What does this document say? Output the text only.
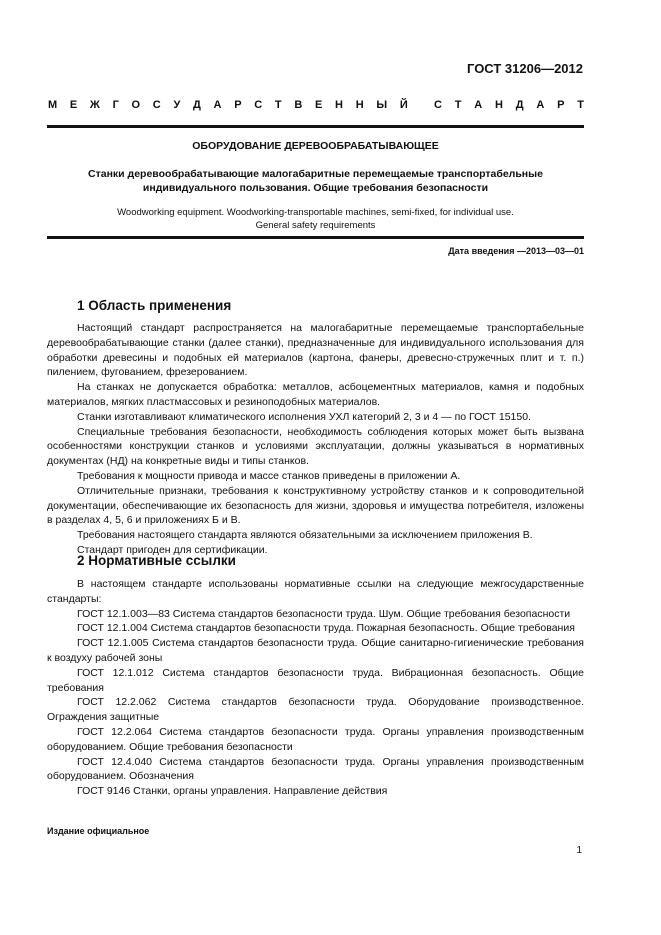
ГОСТ 31206—2012
М Е Ж Г О С У Д А Р С Т В Е Н Н Ы Й С Т А Н Д А Р Т
ОБОРУДОВАНИЕ ДЕРЕВООБРАБАТЫВАЮЩЕЕ
Станки деревообрабатывающие малогабаритные перемещаемые транспортабельные
индивидуального пользования. Общие требования безопасности
Woodworking equipment. Woodworking-transportable machines, semi-fixed, for individual use.
General safety requirements
Дата введения —2013—03—01
1 Область применения

Настоящий стандарт распространяется на малогабаритные перемещаемые транспортабельные деревообрабатывающие станки (далее станки), предназначенные для индивидуального использования для обработки древесины и подобных ей материалов (картона, фанеры, древесно-стружечных плит и т. п.) пилением, фугованием, фрезерованием.

На станках не допускается обработка: металлов, асбоцементных материалов, камня и подобных материалов, мягких пластмассовых и резиноподобных материалов.

Станки изготавливают климатического исполнения УХЛ категорий 2, 3 и 4 — по ГОСТ 15150.

Специальные требования безопасности, необходимость соблюдения которых может быть вызвана особенностями конструкции станков и условиями эксплуатации, должны указываться в нормативных документах (НД) на конкретные виды и типы станков.

Требования к мощности привода и массе станков приведены в приложении А.

Отличительные признаки, требования к конструктивному устройству станков и к сопроводительной документации, обеспечивающие их безопасность для жизни, здоровья и имущества потребителя, изложены в разделах 4, 5, 6 и приложениях Б и В.

Требования настоящего стандарта являются обязательными за исключением приложения В.

Стандарт пригоден для сертификации.

2 Нормативные ссылки

В настоящем стандарте использованы нормативные ссылки на следующие межгосударственные стандарты:

ГОСТ 12.1.003—83 Система стандартов безопасности труда. Шум. Общие требования безопасности

ГОСТ 12.1.004 Система стандартов безопасности труда. Пожарная безопасность. Общие требования

ГОСТ 12.1.005 Система стандартов безопасности труда. Общие санитарно-гигиенические требования к воздуху рабочей зоны

ГОСТ 12.1.012 Система стандартов безопасности труда. Вибрационная безопасность. Общие требования

ГОСТ 12.2.062 Система стандартов безопасности труда. Оборудование производственное. Ограждения защитные

ГОСТ 12.2.064 Система стандартов безопасности труда. Органы управления производственным оборудованием. Общие требования безопасности

ГОСТ 12.4.040 Система стандартов безопасности труда. Органы управления производственным оборудованием. Обозначения

ГОСТ 9146 Станки, органы управления. Направление действия

Издание официальное
1
